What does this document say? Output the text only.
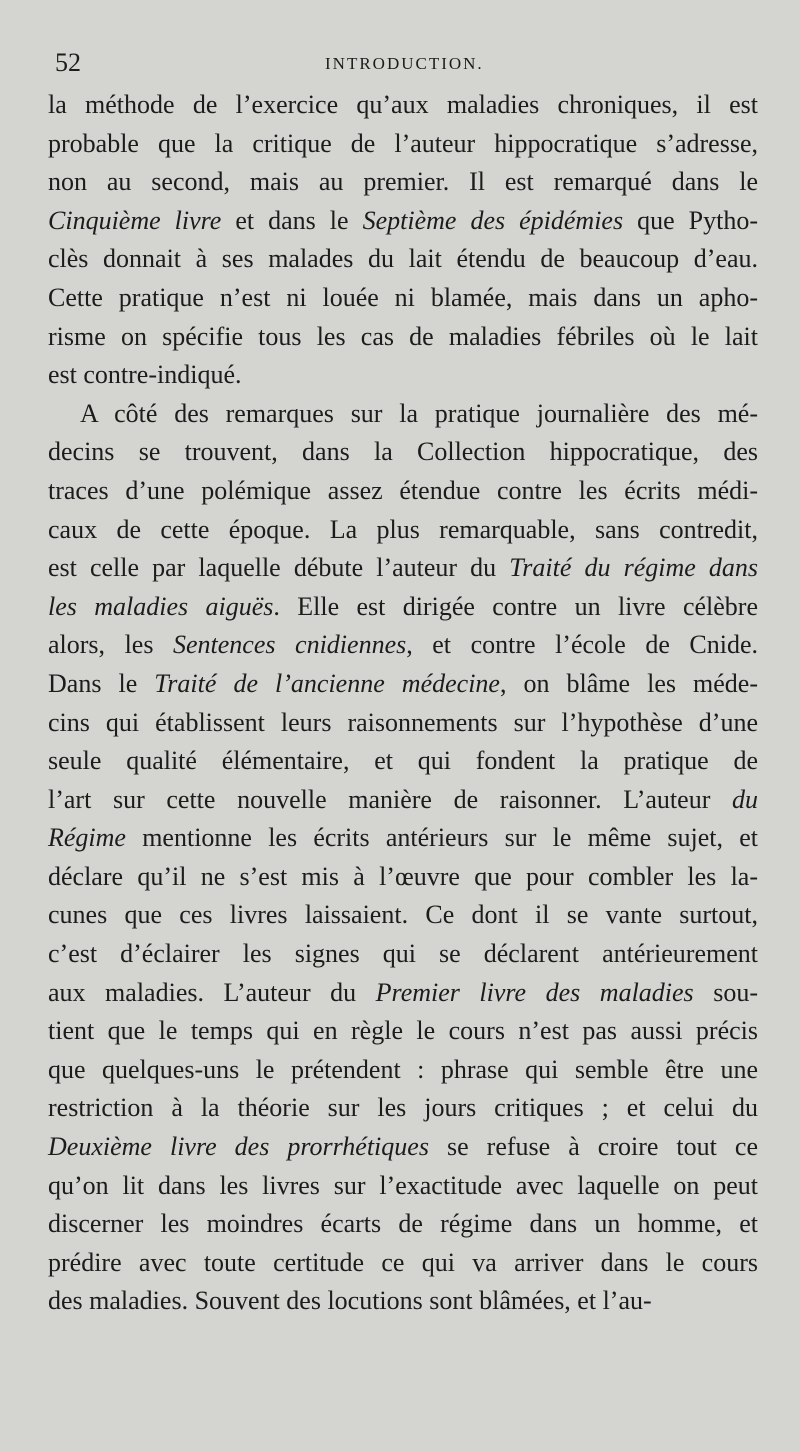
52	INTRODUCTION.

la méthode de l’exercice qu’aux maladies chroniques, il est
probable que la critique de l’auteur hippocratique s’adresse,
non au second, mais au premier. Il est remarqué dans le
Cinquième livre et dans le Septième des épidémies que Pytho-
clès donnait à ses malades du lait étendu de beaucoup d’eau.
Cette pratique n’est ni louée ni blamée, mais dans un apho-
risme on spécifie tous les cas de maladies fébriles où le lait
est contre-indiqué.

A côté des remarques sur la pratique journalière des mé-
decins se trouvent, dans la Collection hippocratique, des
traces d’une polémique assez étendue contre les écrits médi-
caux de cette époque. La plus remarquable, sans contredit,
est celle par laquelle débute l’auteur du Traité du régime dans
les maladies aiguës. Elle est dirigée contre un livre célèbre
alors, les Sentences cnidiennes, et contre l’école de Cnide.
Dans le Traité de l’ancienne médecine, on blâme les méde-
cins qui établissent leurs raisonnements sur l’hypothèse d’une
seule qualité élémentaire, et qui fondent la pratique de
l’art sur cette nouvelle manière de raisonner. L’auteur du
Régime mentionne les écrits antérieurs sur le même sujet, et
déclare qu’il ne s’est mis à l’œuvre que pour combler les la-
cunes que ces livres laissaient. Ce dont il se vante surtout,
c’est d’éclairer les signes qui se déclarent antérieurement
aux maladies. L’auteur du Premier livre des maladies sou-
tient que le temps qui en règle le cours n’est pas aussi précis
que quelques-uns le prétendent : phrase qui semble être une
restriction à la théorie sur les jours critiques ; et celui du
Deuxième livre des prorrhétiques se refuse à croire tout ce
qu’on lit dans les livres sur l’exactitude avec laquelle on peut
discerner les moindres écarts de régime dans un homme, et
prédire avec toute certitude ce qui va arriver dans le cours
des maladies. Souvent des locutions sont blâmées, et l’au-
